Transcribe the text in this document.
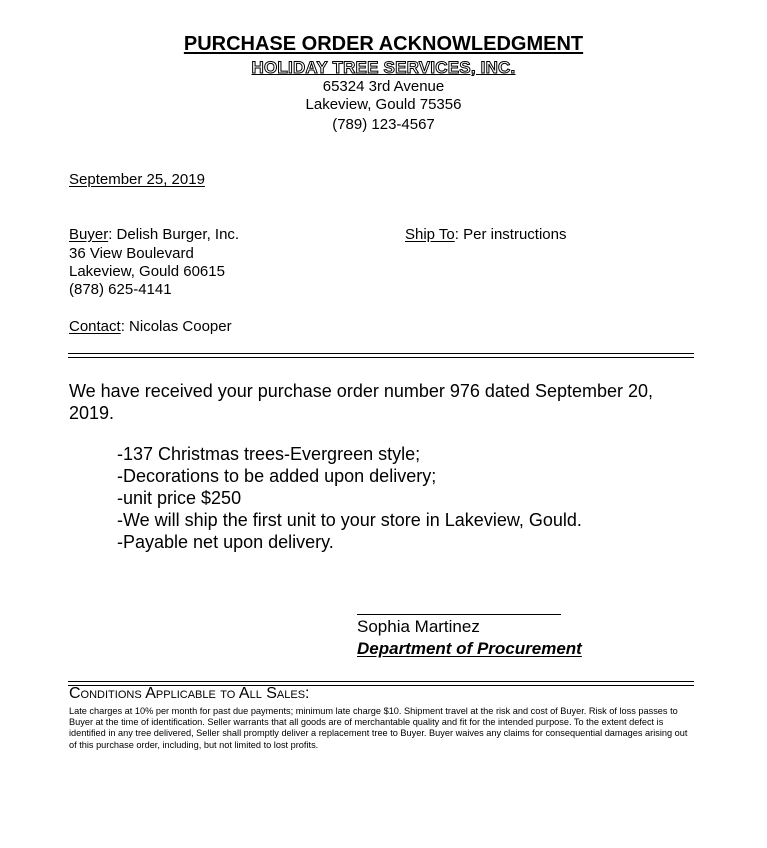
PURCHASE ORDER ACKNOWLEDGMENT
HOLIDAY TREE SERVICES, INC.
65324 3rd Avenue
Lakeview, Gould 75356
(789) 123-4567
September 25, 2019
Buyer: Delish Burger, Inc.
36 View Boulevard
Lakeview, Gould 60615
(878) 625-4141
Ship To: Per instructions
Contact: Nicolas Cooper
We have received your purchase order number 976 dated September 20, 2019.
-137 Christmas trees-Evergreen style;
-Decorations to be added upon delivery;
-unit price $250
-We will ship the first unit to your store in Lakeview, Gould.
-Payable net upon delivery.
Sophia Martinez
Department of Procurement
Conditions Applicable to All Sales:
Late charges at 10% per month for past due payments; minimum late charge $10. Shipment travel at the risk and cost of Buyer. Risk of loss passes to Buyer at the time of identification. Seller warrants that all goods are of merchantable quality and fit for the intended purpose. To the extent defect is identified in any tree delivered, Seller shall promptly deliver a replacement tree to Buyer. Buyer waives any claims for consequential damages arising out of this purchase order, including, but not limited to lost profits.
